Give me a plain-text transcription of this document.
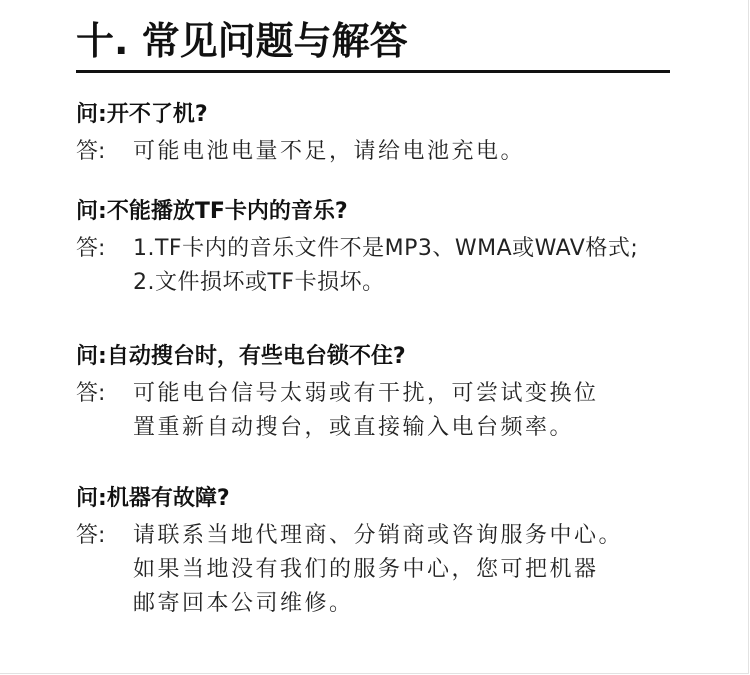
十. 常见问题与解答
问:开不了机?
答:	可能电池电量不足，请给电池充电。
问:不能播放TF卡内的音乐?
答:	1.TF卡内的音乐文件不是MP3、WMA或WAV格式;
2.文件损坏或TF卡损坏。
问:自动搜台时，有些电台锁不住?
答:	可能电台信号太弱或有干扰，可尝试变换位
置重新自动搜台，或直接输入电台频率。
问:机器有故障?
答:	请联系当地代理商、分销商或咨询服务中心。
如果当地没有我们的服务中心，您可把机器
邮寄回本公司维修。
